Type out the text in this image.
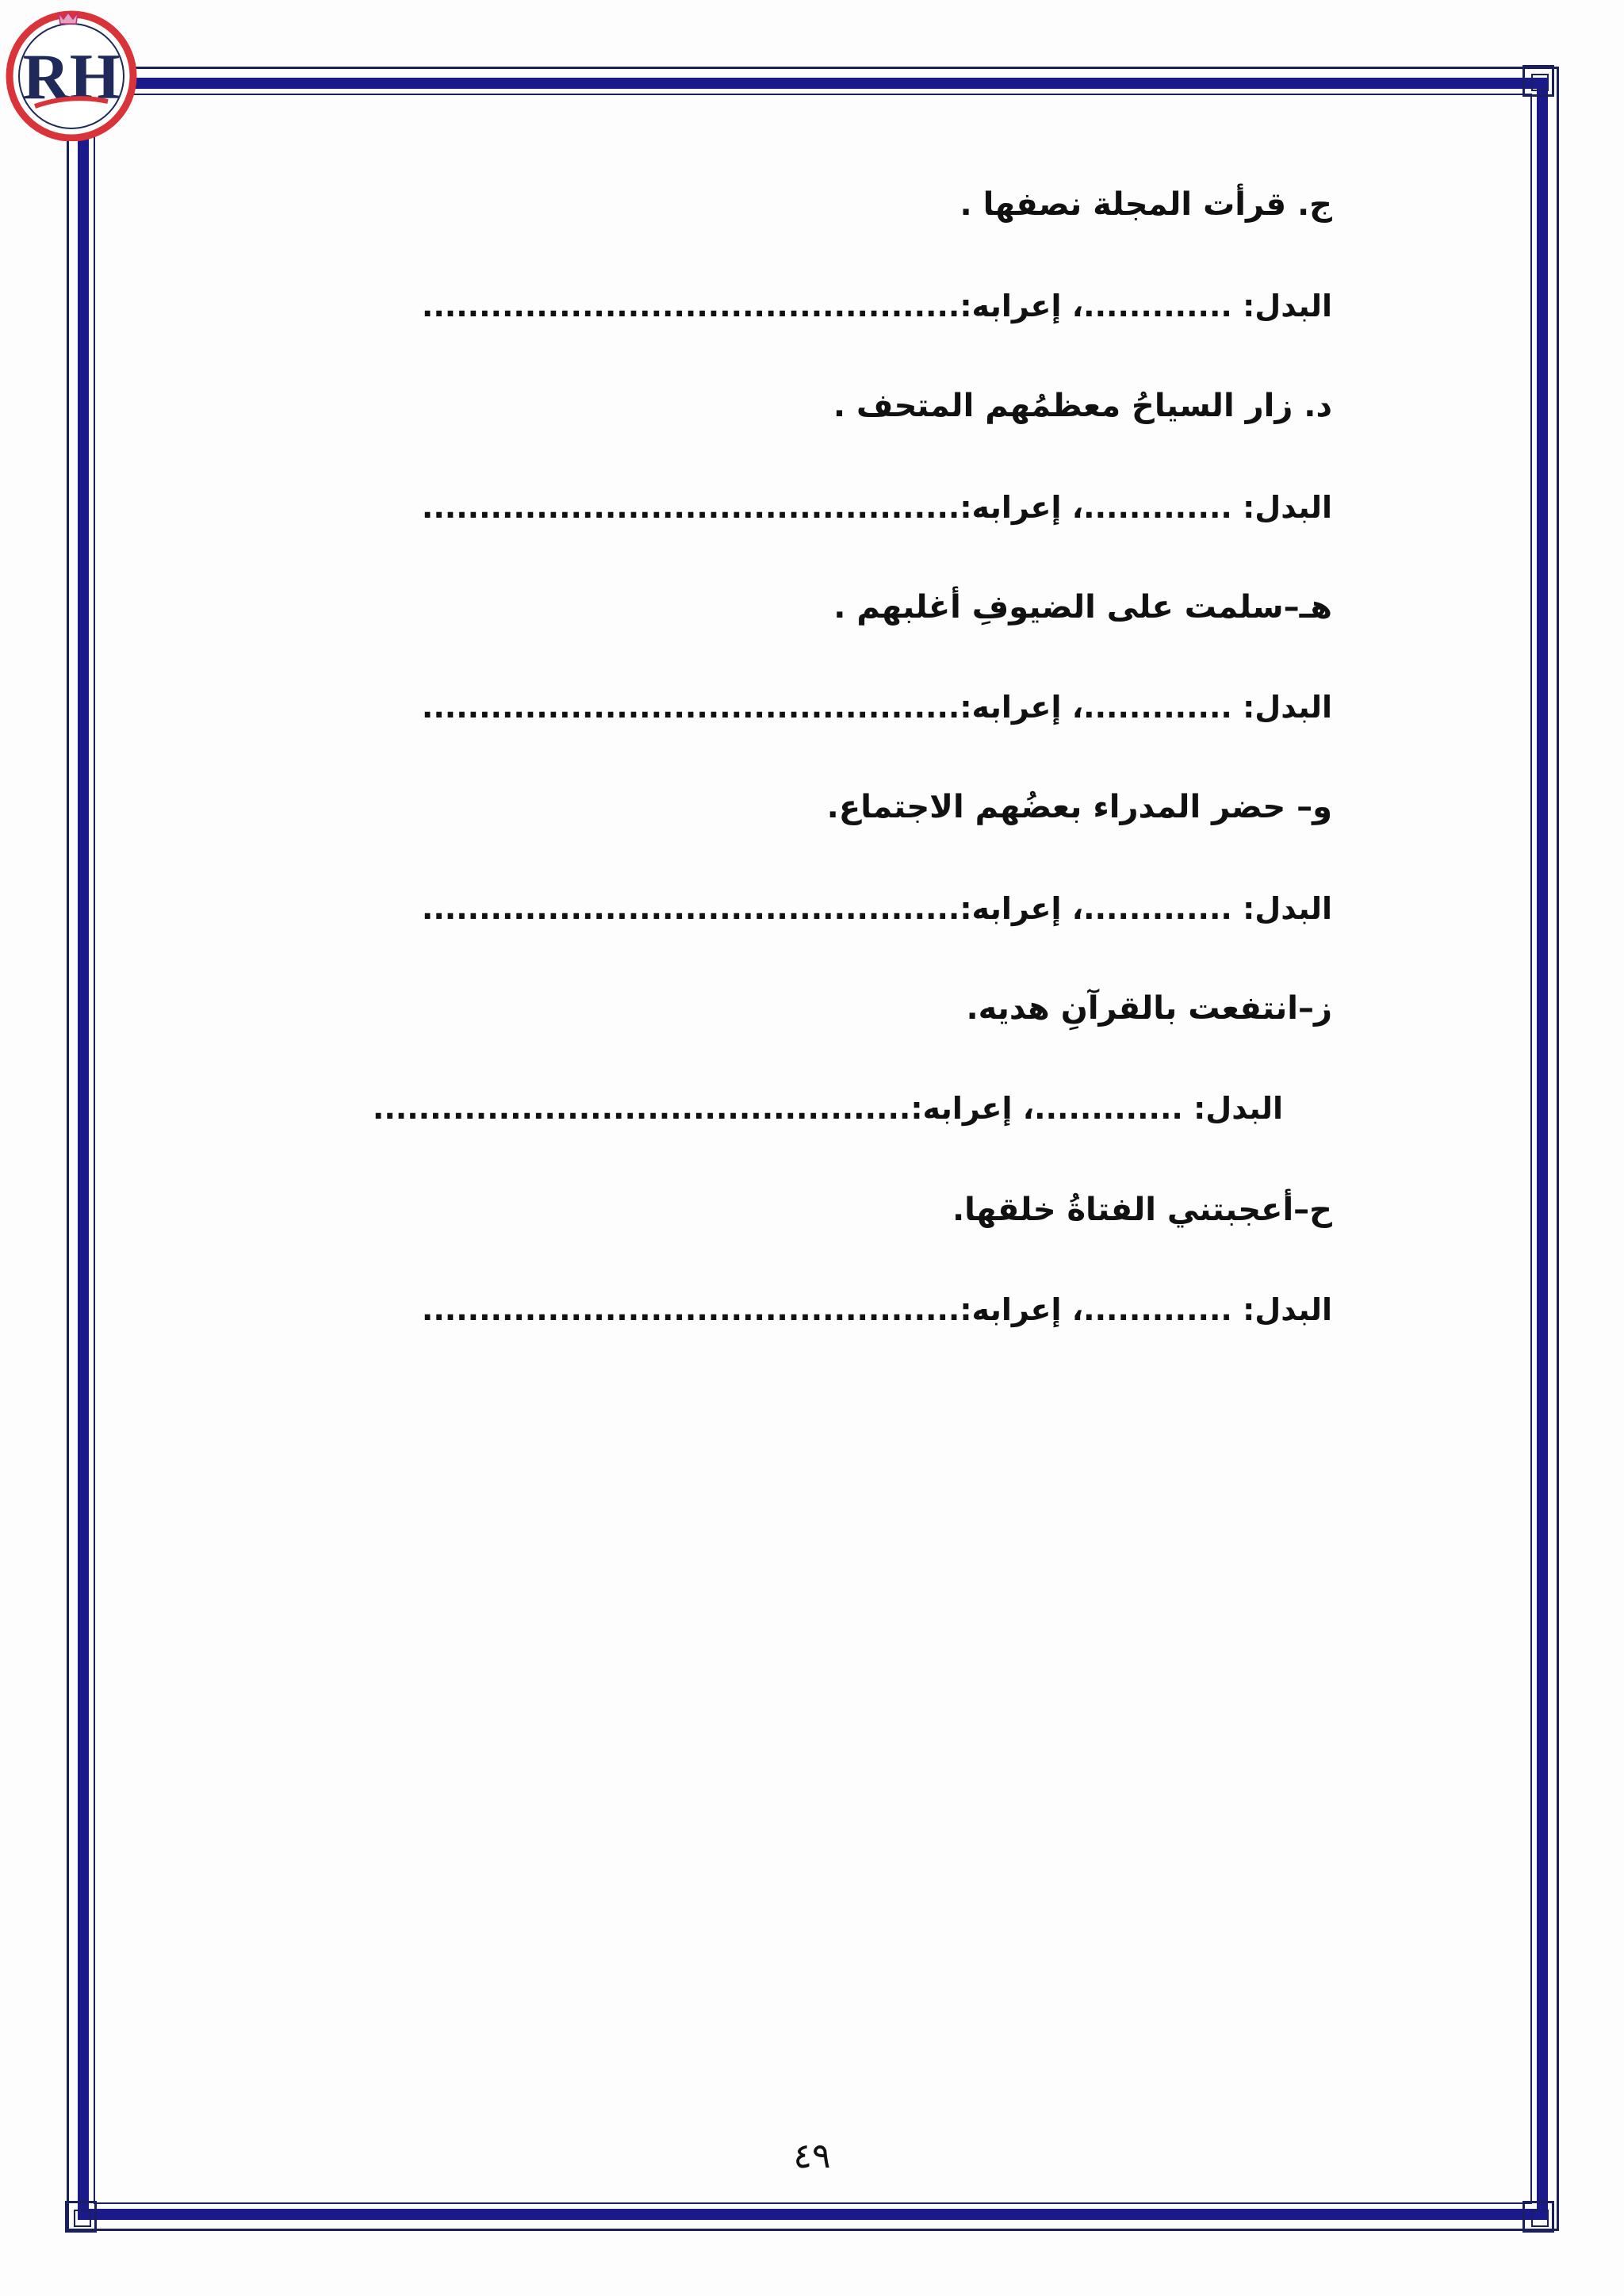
RH
ج. قرأت المجلة نصفها .
البدل: .............، إعرابه:...............................................
د. زار السياحُ معظمُهم المتحف .
البدل: .............، إعرابه:...............................................
هـ–سلمت على الضيوفِ أغلبهم .
البدل: .............، إعرابه:...............................................
و– حضر المدراء بعضُهم الاجتماع.
البدل: .............، إعرابه:...............................................
ز–انتفعت بالقرآنِ هديه.
البدل: .............، إعرابه:...............................................
ح–أعجبتني الفتاةُ خلقها.
البدل: .............، إعرابه:...............................................
٤٩
